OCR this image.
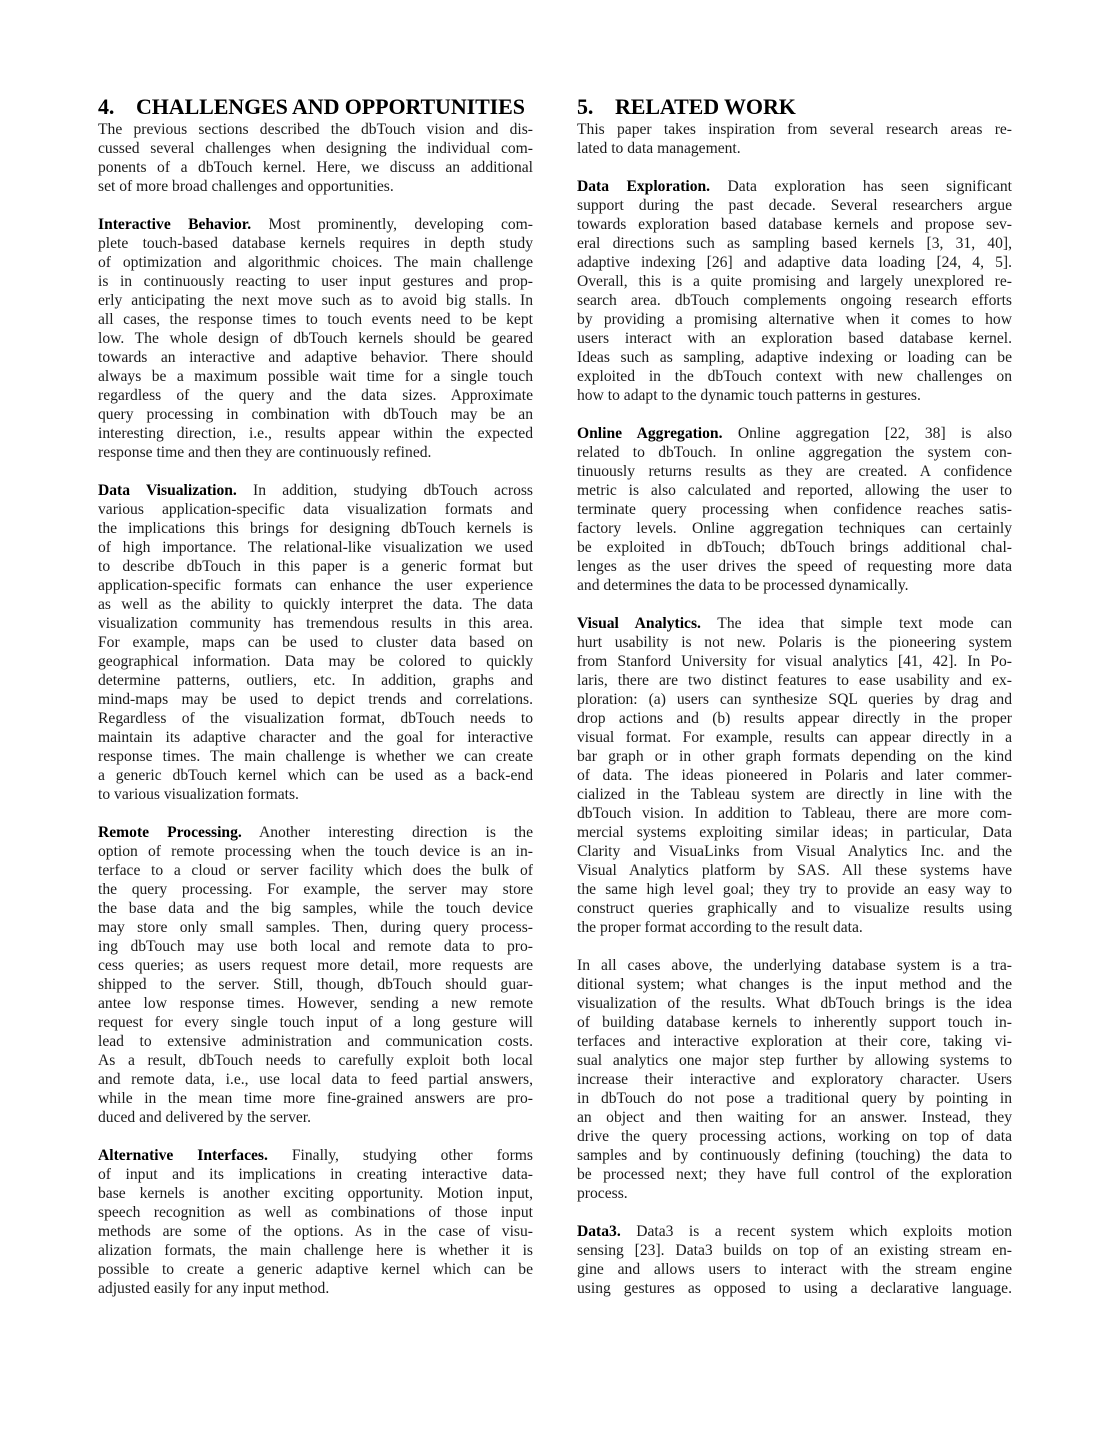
4. CHALLENGES AND OPPORTUNITIES

The previous sections described the dbTouch vision and dis-
cussed several challenges when designing the individual com-
ponents of a dbTouch kernel. Here, we discuss an additional
set of more broad challenges and opportunities.

Interactive Behavior. Most prominently, developing com-
plete touch-based database kernels requires in depth study
of optimization and algorithmic choices. The main challenge
is in continuously reacting to user input gestures and prop-
erly anticipating the next move such as to avoid big stalls. In
all cases, the response times to touch events need to be kept
low. The whole design of dbTouch kernels should be geared
towards an interactive and adaptive behavior. There should
always be a maximum possible wait time for a single touch
regardless of the query and the data sizes. Approximate
query processing in combination with dbTouch may be an
interesting direction, i.e., results appear within the expected
response time and then they are continuously refined.

Data Visualization. In addition, studying dbTouch across
various application-specific data visualization formats and
the implications this brings for designing dbTouch kernels is
of high importance. The relational-like visualization we used
to describe dbTouch in this paper is a generic format but
application-specific formats can enhance the user experience
as well as the ability to quickly interpret the data. The data
visualization community has tremendous results in this area.
For example, maps can be used to cluster data based on
geographical information. Data may be colored to quickly
determine patterns, outliers, etc. In addition, graphs and
mind-maps may be used to depict trends and correlations.
Regardless of the visualization format, dbTouch needs to
maintain its adaptive character and the goal for interactive
response times. The main challenge is whether we can create
a generic dbTouch kernel which can be used as a back-end
to various visualization formats.

Remote Processing. Another interesting direction is the
option of remote processing when the touch device is an in-
terface to a cloud or server facility which does the bulk of
the query processing. For example, the server may store
the base data and the big samples, while the touch device
may store only small samples. Then, during query process-
ing dbTouch may use both local and remote data to pro-
cess queries; as users request more detail, more requests are
shipped to the server. Still, though, dbTouch should guar-
antee low response times. However, sending a new remote
request for every single touch input of a long gesture will
lead to extensive administration and communication costs.
As a result, dbTouch needs to carefully exploit both local
and remote data, i.e., use local data to feed partial answers,
while in the mean time more fine-grained answers are pro-
duced and delivered by the server.

Alternative Interfaces. Finally, studying other forms
of input and its implications in creating interactive data-
base kernels is another exciting opportunity. Motion input,
speech recognition as well as combinations of those input
methods are some of the options. As in the case of visu-
alization formats, the main challenge here is whether it is
possible to create a generic adaptive kernel which can be
adjusted easily for any input method.

5. RELATED WORK

This paper takes inspiration from several research areas re-
lated to data management.

Data Exploration. Data exploration has seen significant
support during the past decade. Several researchers argue
towards exploration based database kernels and propose sev-
eral directions such as sampling based kernels [3, 31, 40],
adaptive indexing [26] and adaptive data loading [24, 4, 5].
Overall, this is a quite promising and largely unexplored re-
search area. dbTouch complements ongoing research efforts
by providing a promising alternative when it comes to how
users interact with an exploration based database kernel.
Ideas such as sampling, adaptive indexing or loading can be
exploited in the dbTouch context with new challenges on
how to adapt to the dynamic touch patterns in gestures.

Online Aggregation. Online aggregation [22, 38] is also
related to dbTouch. In online aggregation the system con-
tinuously returns results as they are created. A confidence
metric is also calculated and reported, allowing the user to
terminate query processing when confidence reaches satis-
factory levels. Online aggregation techniques can certainly
be exploited in dbTouch; dbTouch brings additional chal-
lenges as the user drives the speed of requesting more data
and determines the data to be processed dynamically.

Visual Analytics. The idea that simple text mode can
hurt usability is not new. Polaris is the pioneering system
from Stanford University for visual analytics [41, 42]. In Po-
laris, there are two distinct features to ease usability and ex-
ploration: (a) users can synthesize SQL queries by drag and
drop actions and (b) results appear directly in the proper
visual format. For example, results can appear directly in a
bar graph or in other graph formats depending on the kind
of data. The ideas pioneered in Polaris and later commer-
cialized in the Tableau system are directly in line with the
dbTouch vision. In addition to Tableau, there are more com-
mercial systems exploiting similar ideas; in particular, Data
Clarity and VisuaLinks from Visual Analytics Inc. and the
Visual Analytics platform by SAS. All these systems have
the same high level goal; they try to provide an easy way to
construct queries graphically and to visualize results using
the proper format according to the result data.

In all cases above, the underlying database system is a tra-
ditional system; what changes is the input method and the
visualization of the results. What dbTouch brings is the idea
of building database kernels to inherently support touch in-
terfaces and interactive exploration at their core, taking vi-
sual analytics one major step further by allowing systems to
increase their interactive and exploratory character. Users
in dbTouch do not pose a traditional query by pointing in
an object and then waiting for an answer. Instead, they
drive the query processing actions, working on top of data
samples and by continuously defining (touching) the data to
be processed next; they have full control of the exploration
process.

Data3. Data3 is a recent system which exploits motion
sensing [23]. Data3 builds on top of an existing stream en-
gine and allows users to interact with the stream engine
using gestures as opposed to using a declarative language.
